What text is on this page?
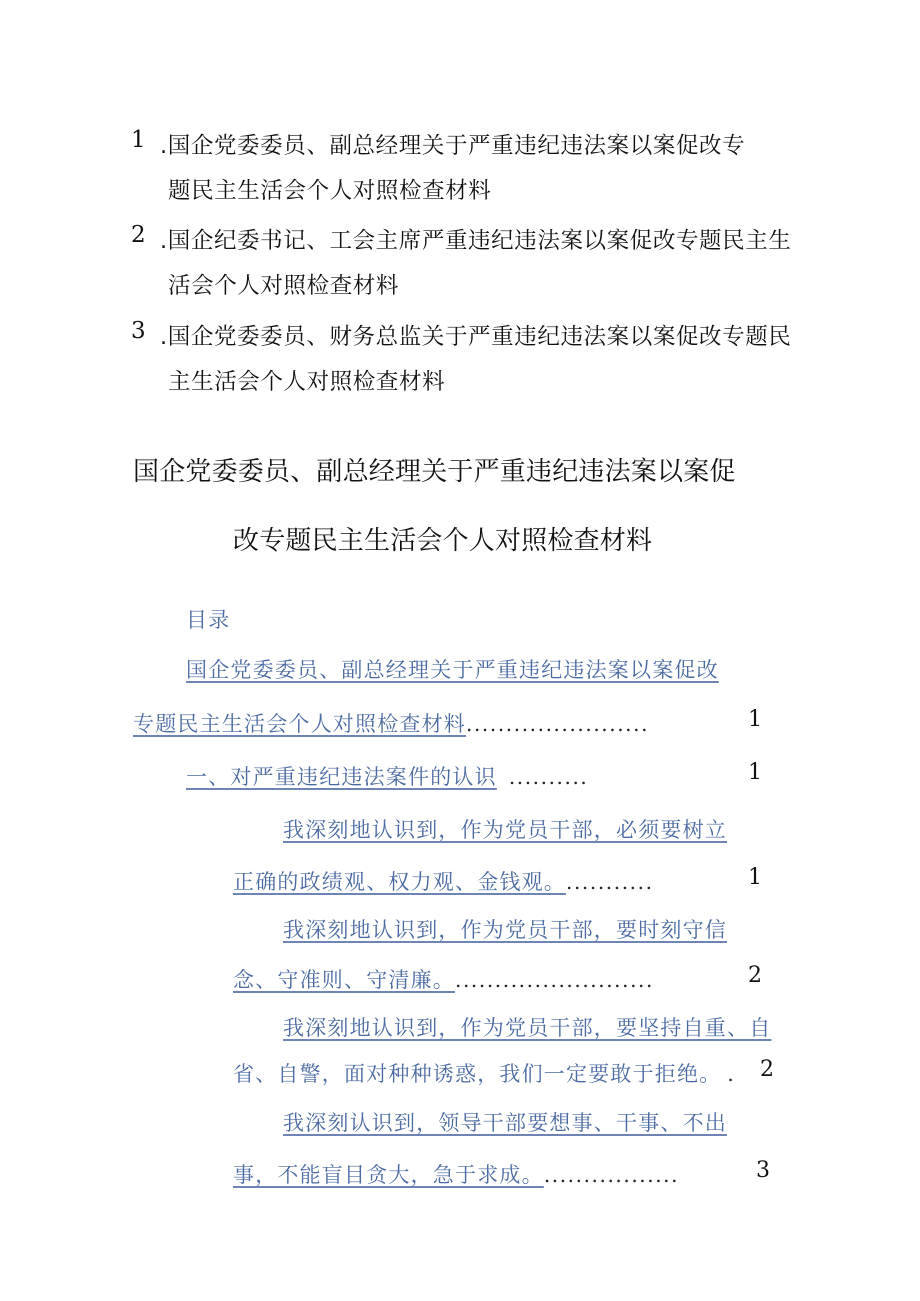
1 .国企党委委员、副总经理关于严重违纪违法案以案促改专
题民主生活会个人对照检查材料
2 .国企纪委书记、工会主席严重违纪违法案以案促改专题民主生
活会个人对照检查材料
3 .国企党委委员、财务总监关于严重违纪违法案以案促改专题民
主生活会个人对照检查材料
国企党委委员、副总经理关于严重违纪违法案以案促
改专题民主生活会个人对照检查材料
目录
国企党委委员、副总经理关于严重违纪违法案以案促改
专题民主生活会个人对照检查材料.......................	1
一、对严重违纪违法案件的认识 ..........	1
我深刻地认识到，作为党员干部，必须要树立
正确的政绩观、权力观、金钱观。...........	1
我深刻地认识到，作为党员干部，要时刻守信
念、守准则、守清廉。.........................	2
我深刻地认识到，作为党员干部，要坚持自重、自
省、自警，面对种种诱惑，我们一定要敢于拒绝。 . 2
我深刻认识到，领导干部要想事、干事、不出
事，不能盲目贪大，急于求成。.................	3
